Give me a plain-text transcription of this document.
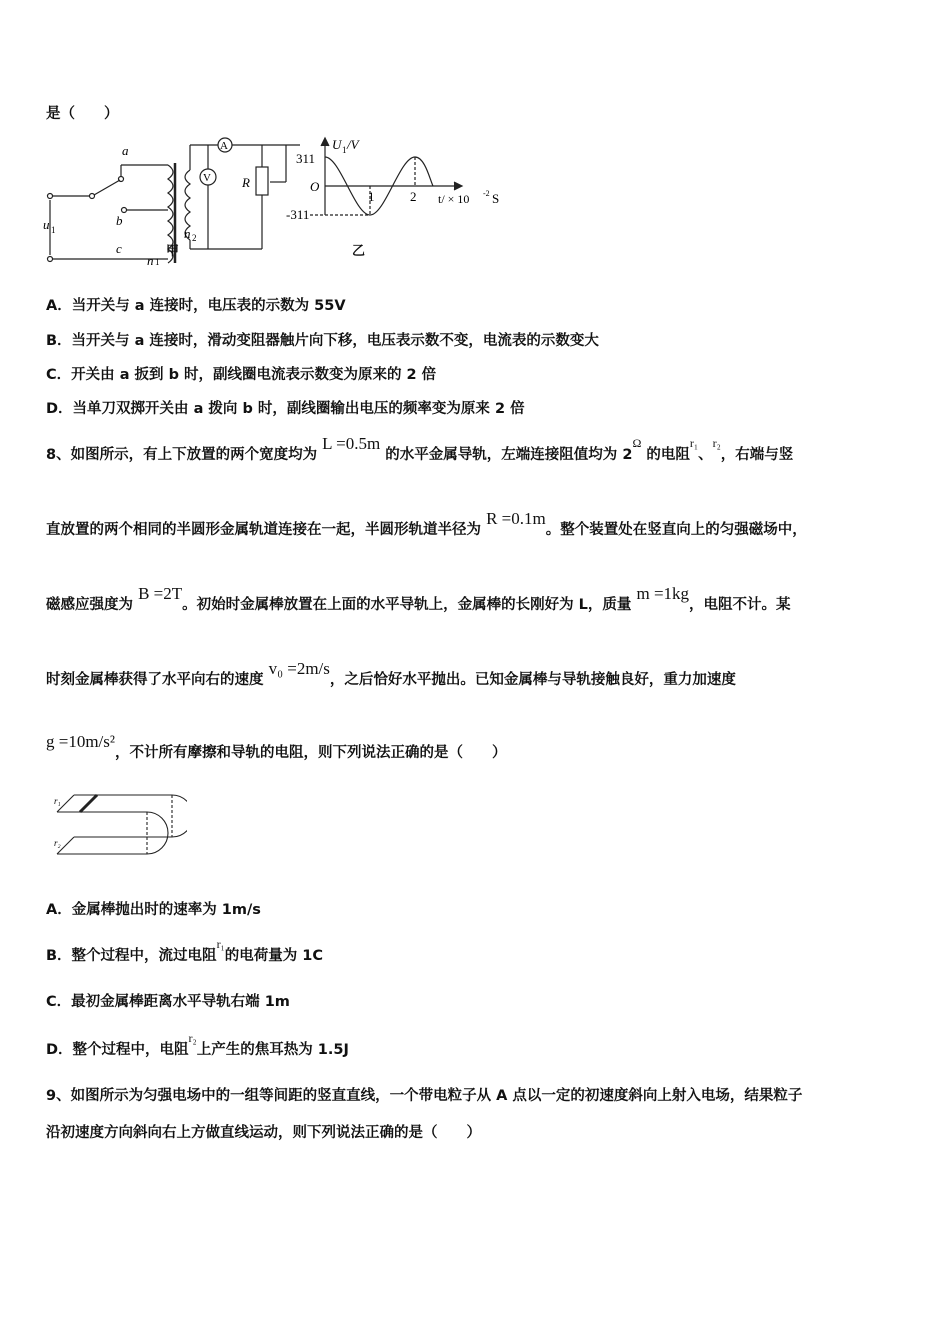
是（　　）
a
b
c
u 1
n 1
n 2
A
V R
甲
U 1 /V
311
-311
O
1	2 t/ × 10 -2 S
乙
A．当开关与 a 连接时，电压表的示数为 55V
B．当开关与 a 连接时，滑动变阻器触片向下移，电压表示数不变，电流表的示数变大
C．开关由 a 扳到 b 时，副线圈电流表示数变为原来的 2 倍
D．当单刀双掷开关由 a 拨向 b 时，副线圈输出电压的频率变为原来 2 倍
8、如图所示，有上下放置的两个宽度均为 L =0.5m 的水平金属导轨，左端连接阻值均为 $2^\Omega$ 的电阻$^{r_1}$、$^{r_2}$，右端与竖
直放置的两个相同的半圆形金属轨道连接在一起，半圆形轨道半径为 R =0.1m。整个装置处在竖直向上的匀强磁场中，
磁感应强度为 B =2T。初始时金属棒放置在上面的水平导轨上，金属棒的长刚好为 L，质量 m =1kg，电阻不计。某
时刻金属棒获得了水平向右的速度 v₀ =2m/s，之后恰好水平抛出。已知金属棒与导轨接触良好，重力加速度
g =10m/s²，不计所有摩擦和导轨的电阻，则下列说法正确的是（　　）
r₁
r₂
A．金属棒抛出时的速率为 1m/s
B．整个过程中，流过电阻$^{r_1}$的电荷量为 1C
C．最初金属棒距离水平导轨右端 1m
D．整个过程中，电阻$^{r_2}$上产生的焦耳热为 1.5J
9、如图所示为匀强电场中的一组等间距的竖直直线，一个带电粒子从 A 点以一定的初速度斜向上射入电场，结果粒子
沿初速度方向斜向右上方做直线运动，则下列说法正确的是（　　）
